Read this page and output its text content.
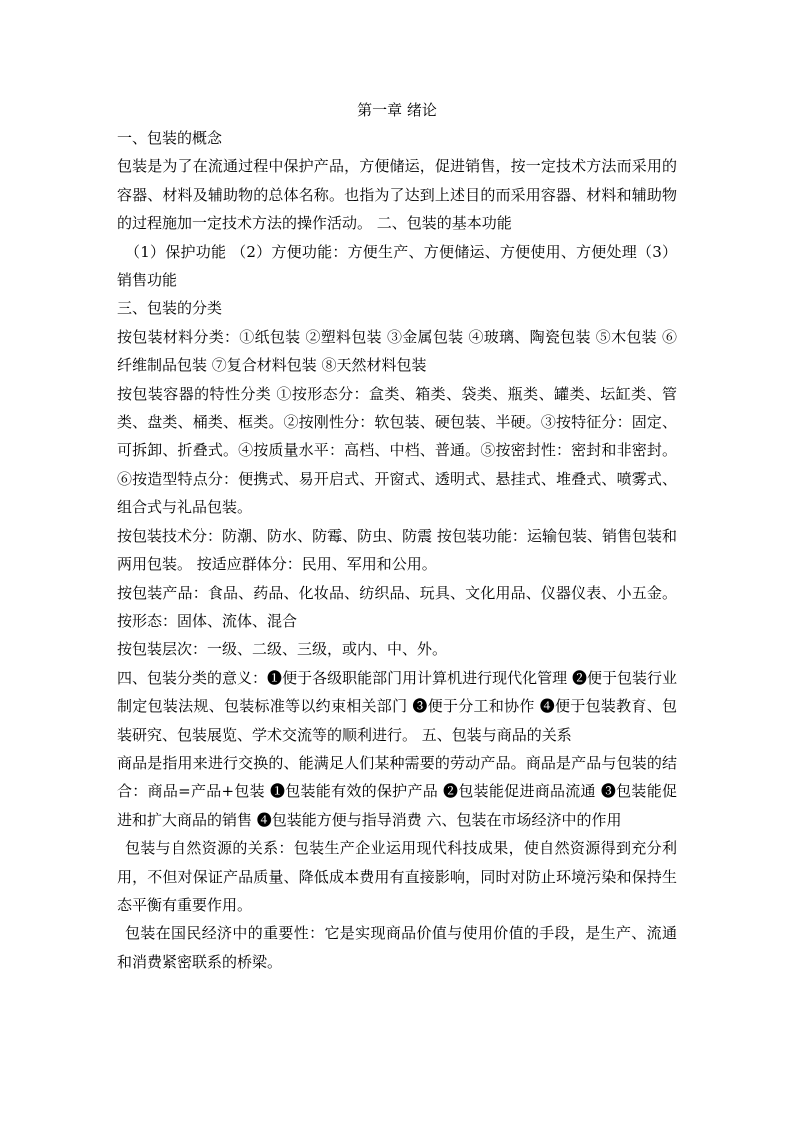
第一章 绪论

一、包装的概念

包装是为了在流通过程中保护产品，方便储运，促进销售，按一定技术方法而采用的容器、材料及辅助物的总体名称。也指为了达到上述目的而采用容器、材料和辅助物的过程施加一定技术方法的操作活动。 二、包装的基本功能

（1）保护功能 （2）方便功能：方便生产、方便储运、方便使用、方便处理（3）销售功能

三、包装的分类

按包装材料分类：①纸包装 ②塑料包装 ③金属包装 ④玻璃、陶瓷包装 ⑤木包装 ⑥纤维制品包装 ⑦复合材料包装 ⑧天然材料包装

按包装容器的特性分类 ①按形态分：盒类、箱类、袋类、瓶类、罐类、坛缸类、管类、盘类、桶类、框类。②按刚性分：软包装、硬包装、半硬。③按特征分：固定、可拆卸、折叠式。④按质量水平：高档、中档、普通。⑤按密封性：密封和非密封。⑥按造型特点分：便携式、易开启式、开窗式、透明式、悬挂式、堆叠式、喷雾式、组合式与礼品包装。

按包装技术分：防潮、防水、防霉、防虫、防震 按包装功能：运输包装、销售包装和两用包装。 按适应群体分：民用、军用和公用。

按包装产品：食品、药品、化妆品、纺织品、玩具、文化用品、仪器仪表、小五金。 按形态：固体、流体、混合

按包装层次：一级、二级、三级，或内、中、外。

四、包装分类的意义：❶便于各级职能部门用计算机进行现代化管理 ❷便于包装行业制定包装法规、包装标准等以约束相关部门 ❸便于分工和协作 ❹便于包装教育、包装研究、包装展览、学术交流等的顺利进行。 五、包装与商品的关系

商品是指用来进行交换的、能满足人们某种需要的劳动产品。商品是产品与包装的结合：商品=产品+包装 ❶包装能有效的保护产品 ❷包装能促进商品流通 ❸包装能促进和扩大商品的销售 ❹包装能方便与指导消费 六、包装在市场经济中的作用

包装与自然资源的关系：包装生产企业运用现代科技成果，使自然资源得到充分利用，不但对保证产品质量、降低成本费用有直接影响，同时对防止环境污染和保持生态平衡有重要作用。

包装在国民经济中的重要性：它是实现商品价值与使用价值的手段，是生产、流通和消费紧密联系的桥梁。
